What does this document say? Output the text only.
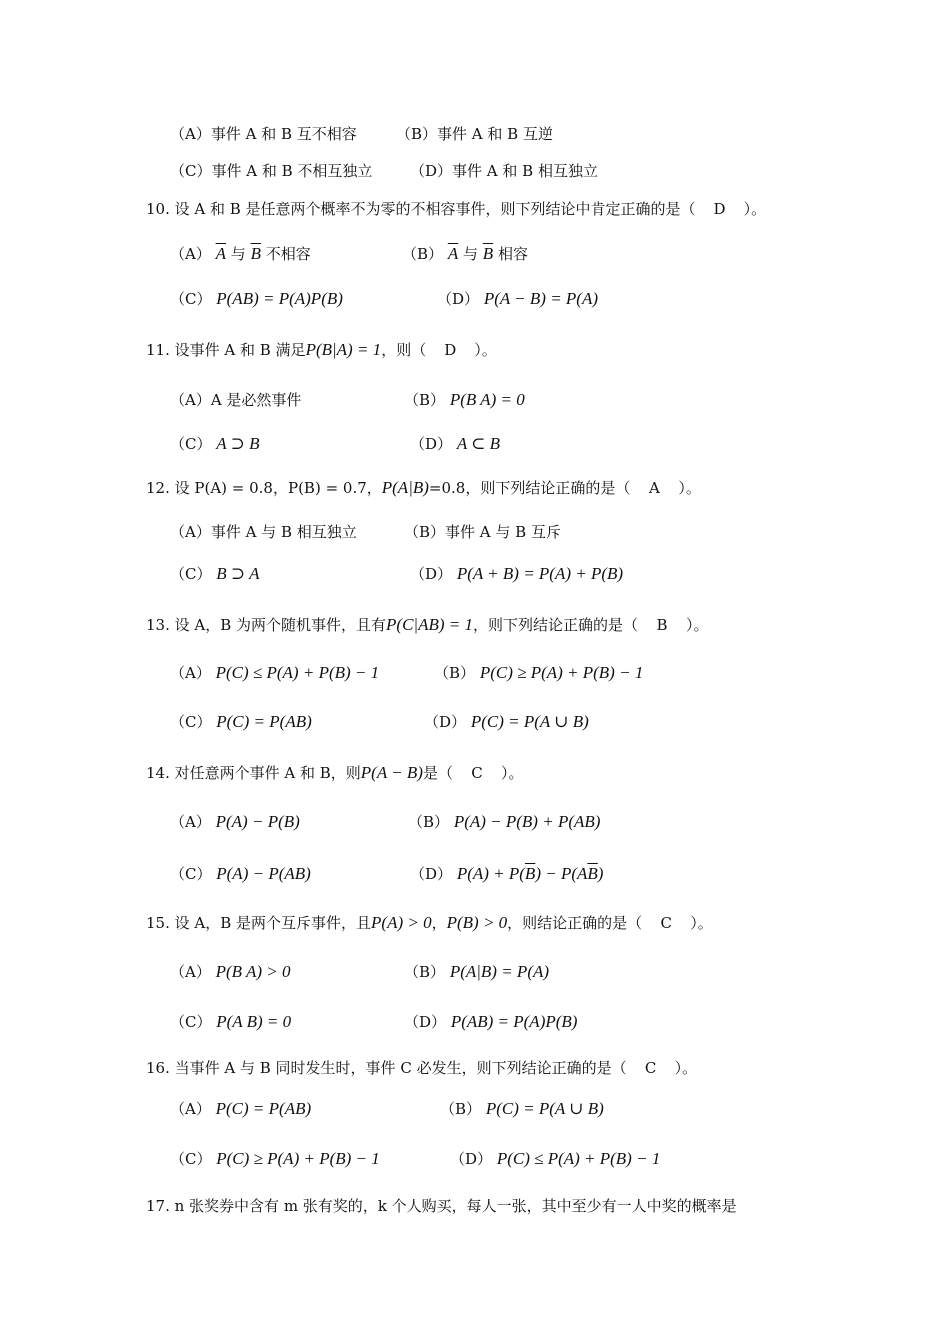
（A）事件 A 和 B 互不相容	（B）事件 A 和 B 互逆
（C）事件 A 和 B 不相互独立	（D）事件 A 和 B 相互独立
10. 设 A 和 B 是任意两个概率不为零的不相容事件，则下列结论中肯定正确的是（ D ）。
（A） $\overline{A}$ 与 $\overline{B}$ 不相容	（B） $\overline{A}$ 与 $\overline{B}$ 相容
（C） P(AB) = P(A)P(B)	（D） P(A − B) = P(A)
11. 设事件 A 和 B 满足P(B|A) = 1，则（ D ）。
（A）A 是必然事件	（B） P(B A) = 0
（C） A ⊃ B	（D） A ⊂ B
12. 设 P(A) = 0.8，P(B) = 0.7，P(A|B)=0.8，则下列结论正确的是（ A ）。
（A）事件 A 与 B 相互独立	（B）事件 A 与 B 互斥
（C） B ⊃ A	（D） P(A + B) = P(A) + P(B)
13. 设 A，B 为两个随机事件，且有P(C|AB) = 1，则下列结论正确的是（ B ）。
（A） P(C) ≤ P(A) + P(B) − 1	（B） P(C) ≥ P(A) + P(B) − 1
（C） P(C) = P(AB)	（D） P(C) = P(A ∪ B)
14. 对任意两个事件 A 和 B，则P(A − B)是（ C ）。
（A） P(A) − P(B)	（B） P(A) − P(B) + P(AB)
（C） P(A) − P(AB)	（D） $P(A) + P(\overline{B}) - P(A\overline{B})$
15. 设 A，B 是两个互斥事件，且P(A) > 0，P(B) > 0，则结论正确的是（ C ）。
（A） P(B A) > 0	（B） P(A|B) = P(A)
（C） P(A B) = 0	（D） P(AB) = P(A)P(B)
16. 当事件 A 与 B 同时发生时，事件 C 必发生，则下列结论正确的是（ C ）。
（A） P(C) = P(AB)	（B） P(C) = P(A ∪ B)
（C） P(C) ≥ P(A) + P(B) − 1	（D） P(C) ≤ P(A) + P(B) − 1
17. n 张奖券中含有 m 张有奖的，k 个人购买，每人一张，其中至少有一人中奖的概率是
